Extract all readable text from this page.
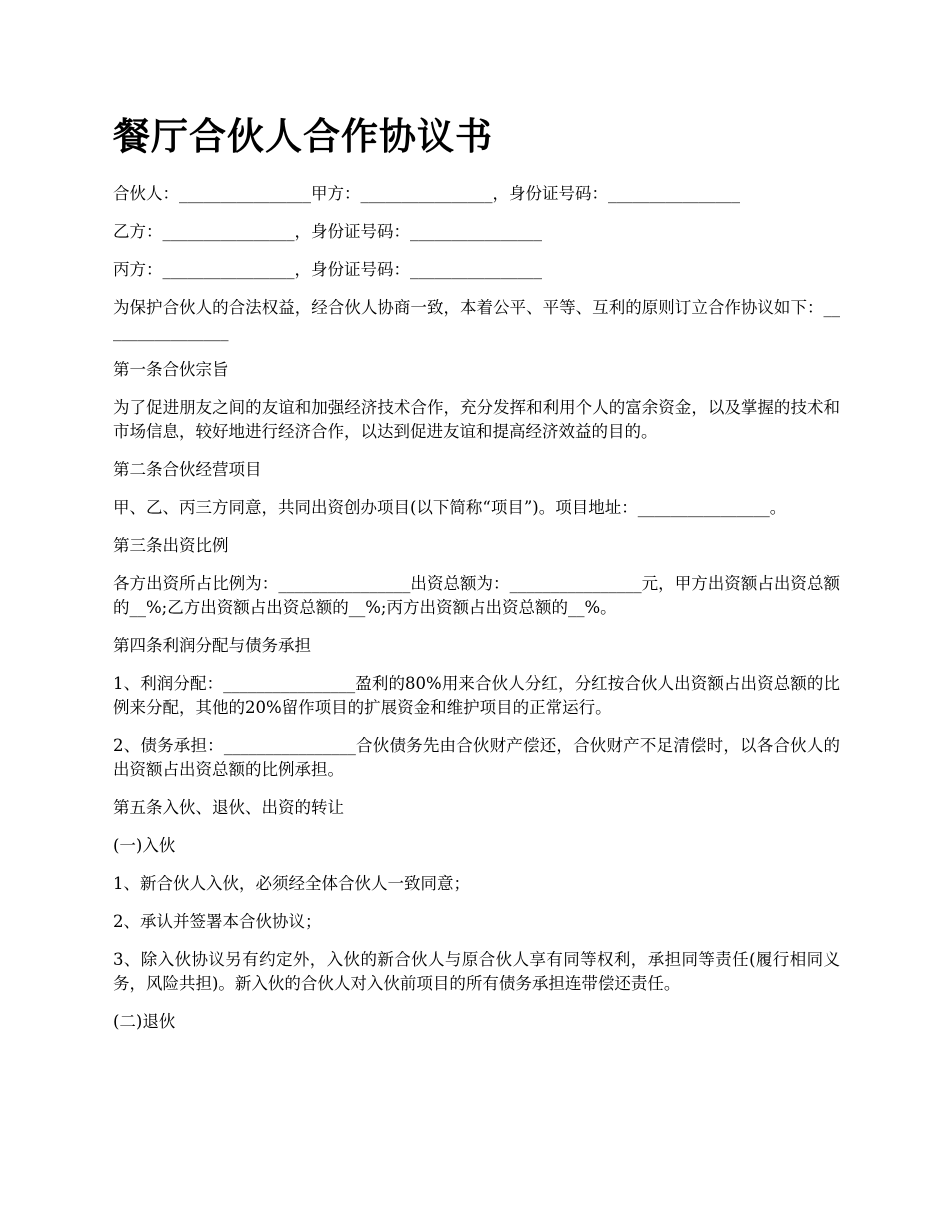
餐厅合伙人合作协议书

合伙人：________________甲方：________________，身份证号码：________________

乙方：________________，身份证号码：________________

丙方：________________，身份证号码：________________

为保护合伙人的合法权益，经合伙人协商一致，本着公平、平等、互利的原则订立合作协议如下：________________

第一条合伙宗旨

为了促进朋友之间的友谊和加强经济技术合作，充分发挥和利用个人的富余资金，以及掌握的技术和市场信息，较好地进行经济合作，以达到促进友谊和提高经济效益的目的。

第二条合伙经营项目

甲、乙、丙三方同意，共同出资创办项目(以下简称“项目”)。项目地址：________________。

第三条出资比例

各方出资所占比例为：________________出资总额为：________________元，甲方出资额占出资总额的__%;乙方出资额占出资总额的__%;丙方出资额占出资总额的__%。

第四条利润分配与债务承担

1、利润分配：________________盈利的80%用来合伙人分红，分红按合伙人出资额占出资总额的比例来分配，其他的20%留作项目的扩展资金和维护项目的正常运行。

2、债务承担：________________合伙债务先由合伙财产偿还，合伙财产不足清偿时，以各合伙人的出资额占出资总额的比例承担。

第五条入伙、退伙、出资的转让

(一)入伙

1、新合伙人入伙，必须经全体合伙人一致同意；

2、承认并签署本合伙协议；

3、除入伙协议另有约定外，入伙的新合伙人与原合伙人享有同等权利，承担同等责任(履行相同义务，风险共担)。新入伙的合伙人对入伙前项目的所有债务承担连带偿还责任。

(二)退伙
